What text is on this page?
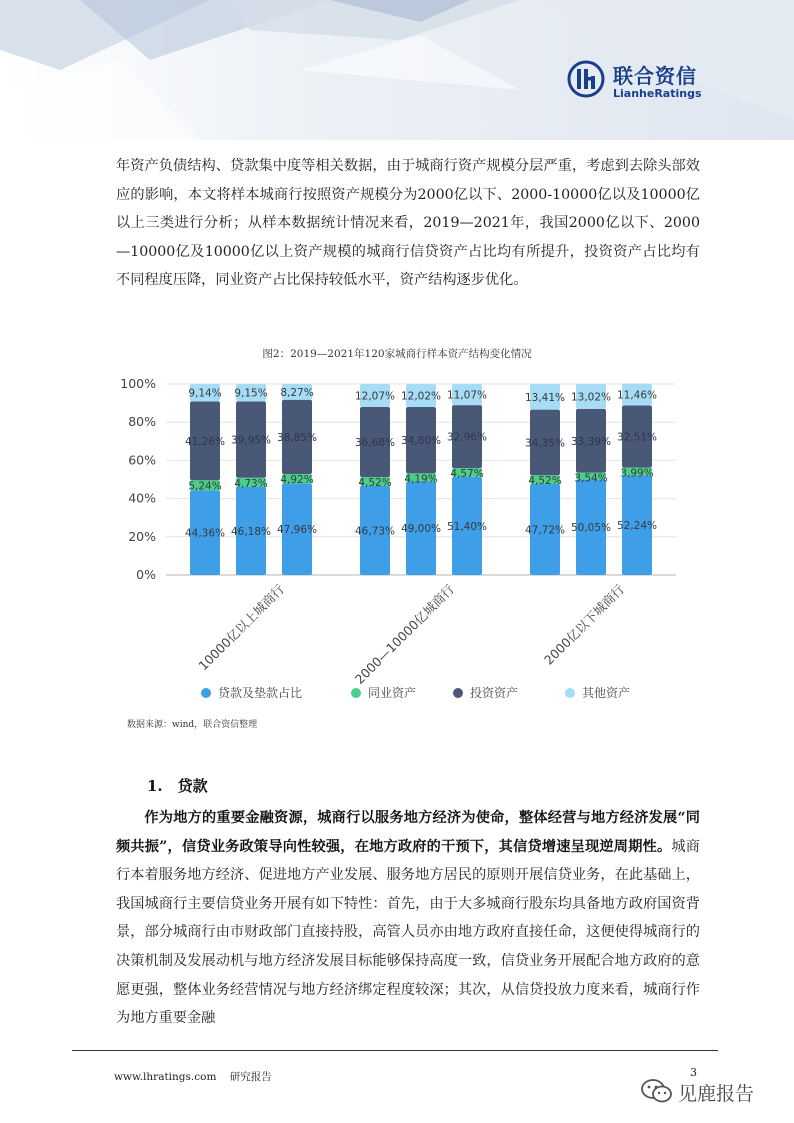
联合资信
LianheRatings

年资产负债结构、贷款集中度等相关数据，由于城商行资产规模分层严重，考虑到去除头部效应的影响，本文将样本城商行按照资产规模分为2000亿以下、2000-10000亿以及10000亿以上三类进行分析；从样本数据统计情况来看，2019—2021年，我国2000亿以下、2000—10000亿及10000亿以上资产规模的城商行信贷资产占比均有所提升，投资资产占比均有不同程度压降，同业资产占比保持较低水平，资产结构逐步优化。

图2：2019—2021年120家城商行样本资产结构变化情况
0%
20%
40%
60%
80%
100%
44,36%
5,24%
41,26%
9,14%
46,18%
4,73%
39,95%
9,15%
47,96%
4,92%
38,85%
8,27%
10000亿以上城商行
46,73%
4,52%
36,68%
12,07%
49,00%
4,19%
34,80%
12,02%
51,40%
4,57%
32,96%
11,07%
2000—10000亿城商行
47,72%
4,52%
34,35%
13,41%
50,05%
3,54%
33,39%
13,02%
52,24%
3,99%
32,51%
11,46%
2000亿以下城商行
贷款及垫款占比	同业资产	投资资产	其他资产
数据来源：wind，联合资信整理
1.  贷款

作为地方的重要金融资源，城商行以服务地方经济为使命，整体经营与地方经济发展“同频共振”，信贷业务政策导向性较强，在地方政府的干预下，其信贷增速呈现逆周期性。城商行本着服务地方经济、促进地方产业发展、服务地方居民的原则开展信贷业务，在此基础上，我国城商行主要信贷业务开展有如下特性：首先，由于大多城商行股东均具备地方政府国资背景，部分城商行由市财政部门直接持股，高管人员亦由地方政府直接任命，这便使得城商行的决策机制及发展动机与地方经济发展目标能够保持高度一致，信贷业务开展配合地方政府的意愿更强，整体业务经营情况与地方经济绑定程度较深；其次，从信贷投放力度来看，城商行作为地方重要金融

www.lhratings.com 研究报告	3
见鹿报告
